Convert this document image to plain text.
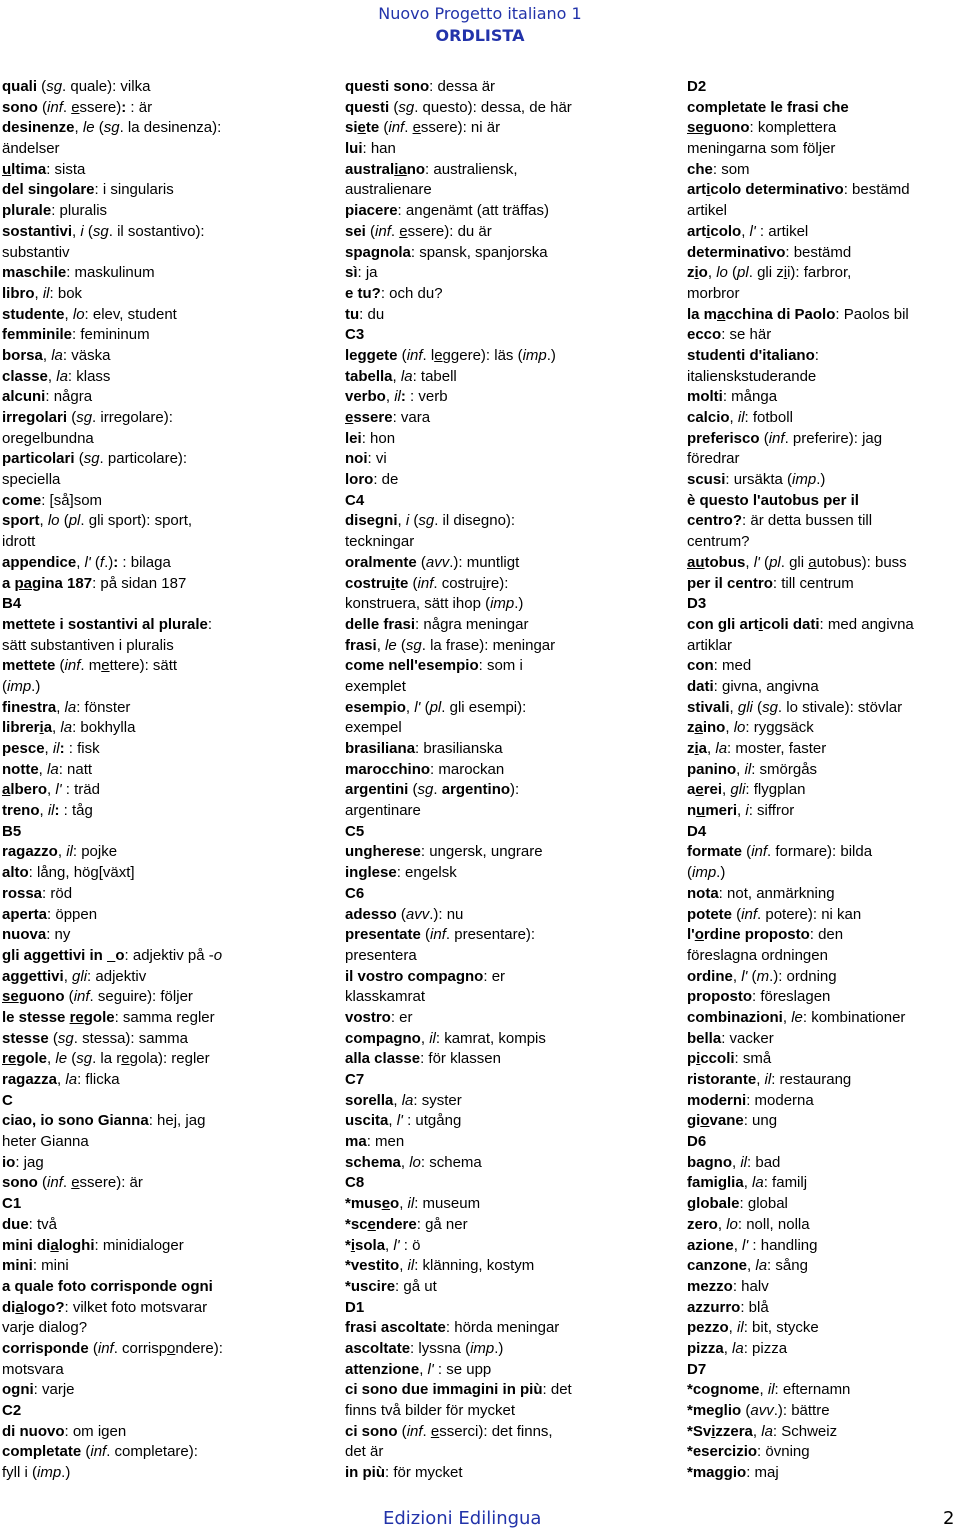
Nuovo Progetto italiano 1
ORDLISTA
quali (sg. quale): vilka
sono (inf. essere): : är
desinenze, le (sg. la desinenza):
ändelser
ultima: sista
del singolare: i singularis
plurale: pluralis
sostantivi, i (sg. il sostantivo):
substantiv
maschile: maskulinum
libro, il: bok
studente, lo: elev, student
femminile: femininum
borsa, la: väska
classe, la: klass
alcuni: några
irregolari (sg. irregolare):
oregelbundna
particolari (sg. particolare):
speciella
come: [så]som
sport, lo (pl. gli sport): sport,
idrott
appendice, l' (f.): : bilaga
a pagina 187: på sidan 187
B4
mettete i sostantivi al plurale:
sätt substantiven i pluralis
mettete (inf. mettere): sätt
(imp.)
finestra, la: fönster
libreria, la: bokhylla
pesce, il: : fisk
notte, la: natt
albero, l' : träd
treno, il: : tåg
B5
ragazzo, il: pojke
alto: lång, hög[växt]
rossa: röd
aperta: öppen
nuova: ny
gli aggettivi in   o: adjektiv på -o
aggettivi, gli: adjektiv
seguono (inf. seguire): följer
le stesse regole: samma regler
stesse (sg. stessa): samma
regole, le (sg. la regola): regler
ragazza, la: flicka
C
ciao, io sono Gianna: hej, jag
heter Gianna
io: jag
sono (inf. essere): är
C1
due: två
mini dialoghi: minidialoger
mini: mini
a quale foto corrisponde ogni
dialogo?: vilket foto motsvarar
varje dialog?
corrisponde (inf. corrispondere):
motsvara
ogni: varje
C2
di nuovo: om igen
completate (inf. completare):
fyll i (imp.)
questi sono: dessa är
questi (sg. questo): dessa, de här
siete (inf. essere): ni är
lui: han
australiano: australiensk,
australienare
piacere: angenämt (att träffas)
sei (inf. essere): du är
spagnola: spansk, spanjorska
sì: ja
e tu?: och du?
tu: du
C3
leggete (inf. leggere): läs (imp.)
tabella, la: tabell
verbo, il: : verb
essere: vara
lei: hon
noi: vi
loro: de
C4
disegni, i (sg. il disegno):
teckningar
oralmente (avv.): muntligt
costruite (inf. costruire):
konstruera, sätt ihop (imp.)
delle frasi: några meningar
frasi, le (sg. la frase): meningar
come nell'esempio: som i
exemplet
esempio, l' (pl. gli esempi):
exempel
brasiliana: brasilianska
marocchino: marockan
argentini (sg. argentino):
argentinare
C5
ungherese: ungersk, ungrare
inglese: engelsk
C6
adesso (avv.): nu
presentate (inf. presentare):
presentera
il vostro compagno: er
klasskamrat
vostro: er
compagno, il: kamrat, kompis
alla classe: för klassen
C7
sorella, la: syster
uscita, l' : utgång
ma: men
schema, lo: schema
C8
*museo, il: museum
*scendere: gå ner
*isola, l' : ö
*vestito, il: klänning, kostym
*uscire: gå ut
D1
frasi ascoltate: hörda meningar
ascoltate: lyssna (imp.)
attenzione, l' : se upp
ci sono due immagini in più: det
finns två bilder för mycket
ci sono (inf. esserci): det finns,
det är
in più: för mycket
D2
completate le frasi che
seguono: komplettera
meningarna som följer
che: som
articolo determinativo: bestämd
artikel
articolo, l' : artikel
determinativo: bestämd
zio, lo (pl. gli zii): farbror,
morbror
la macchina di Paolo: Paolos bil
ecco: se här
studenti d'italiano:
italienskstuderande
molti: många
calcio, il: fotboll
preferisco (inf. preferire): jag
föredrar
scusi: ursäkta (imp.)
è questo l'autobus per il
centro?: är detta bussen till
centrum?
autobus, l' (pl. gli autobus): buss
per il centro: till centrum
D3
con gli articoli dati: med angivna
artiklar
con: med
dati: givna, angivna
stivali, gli (sg. lo stivale): stövlar
zaino, lo: ryggsäck
zia, la: moster, faster
panino, il: smörgås
aerei, gli: flygplan
numeri, i: siffror
D4
formate (inf. formare): bilda
(imp.)
nota: not, anmärkning
potete (inf. potere): ni kan
l'ordine proposto: den
föreslagna ordningen
ordine, l' (m.): ordning
proposto: föreslagen
combinazioni, le: kombinationer
bella: vacker
piccoli: små
ristorante, il: restaurang
moderni: moderna
giovane: ung
D6
bagno, il: bad
famiglia, la: familj
globale: global
zero, lo: noll, nolla
azione, l' : handling
canzone, la: sång
mezzo: halv
azzurro: blå
pezzo, il: bit, stycke
pizza, la: pizza
D7
*cognome, il: efternamn
*meglio (avv.): bättre
*Svizzera, la: Schweiz
*esercizio: övning
*maggio: maj
Edizioni Edilingua	2
